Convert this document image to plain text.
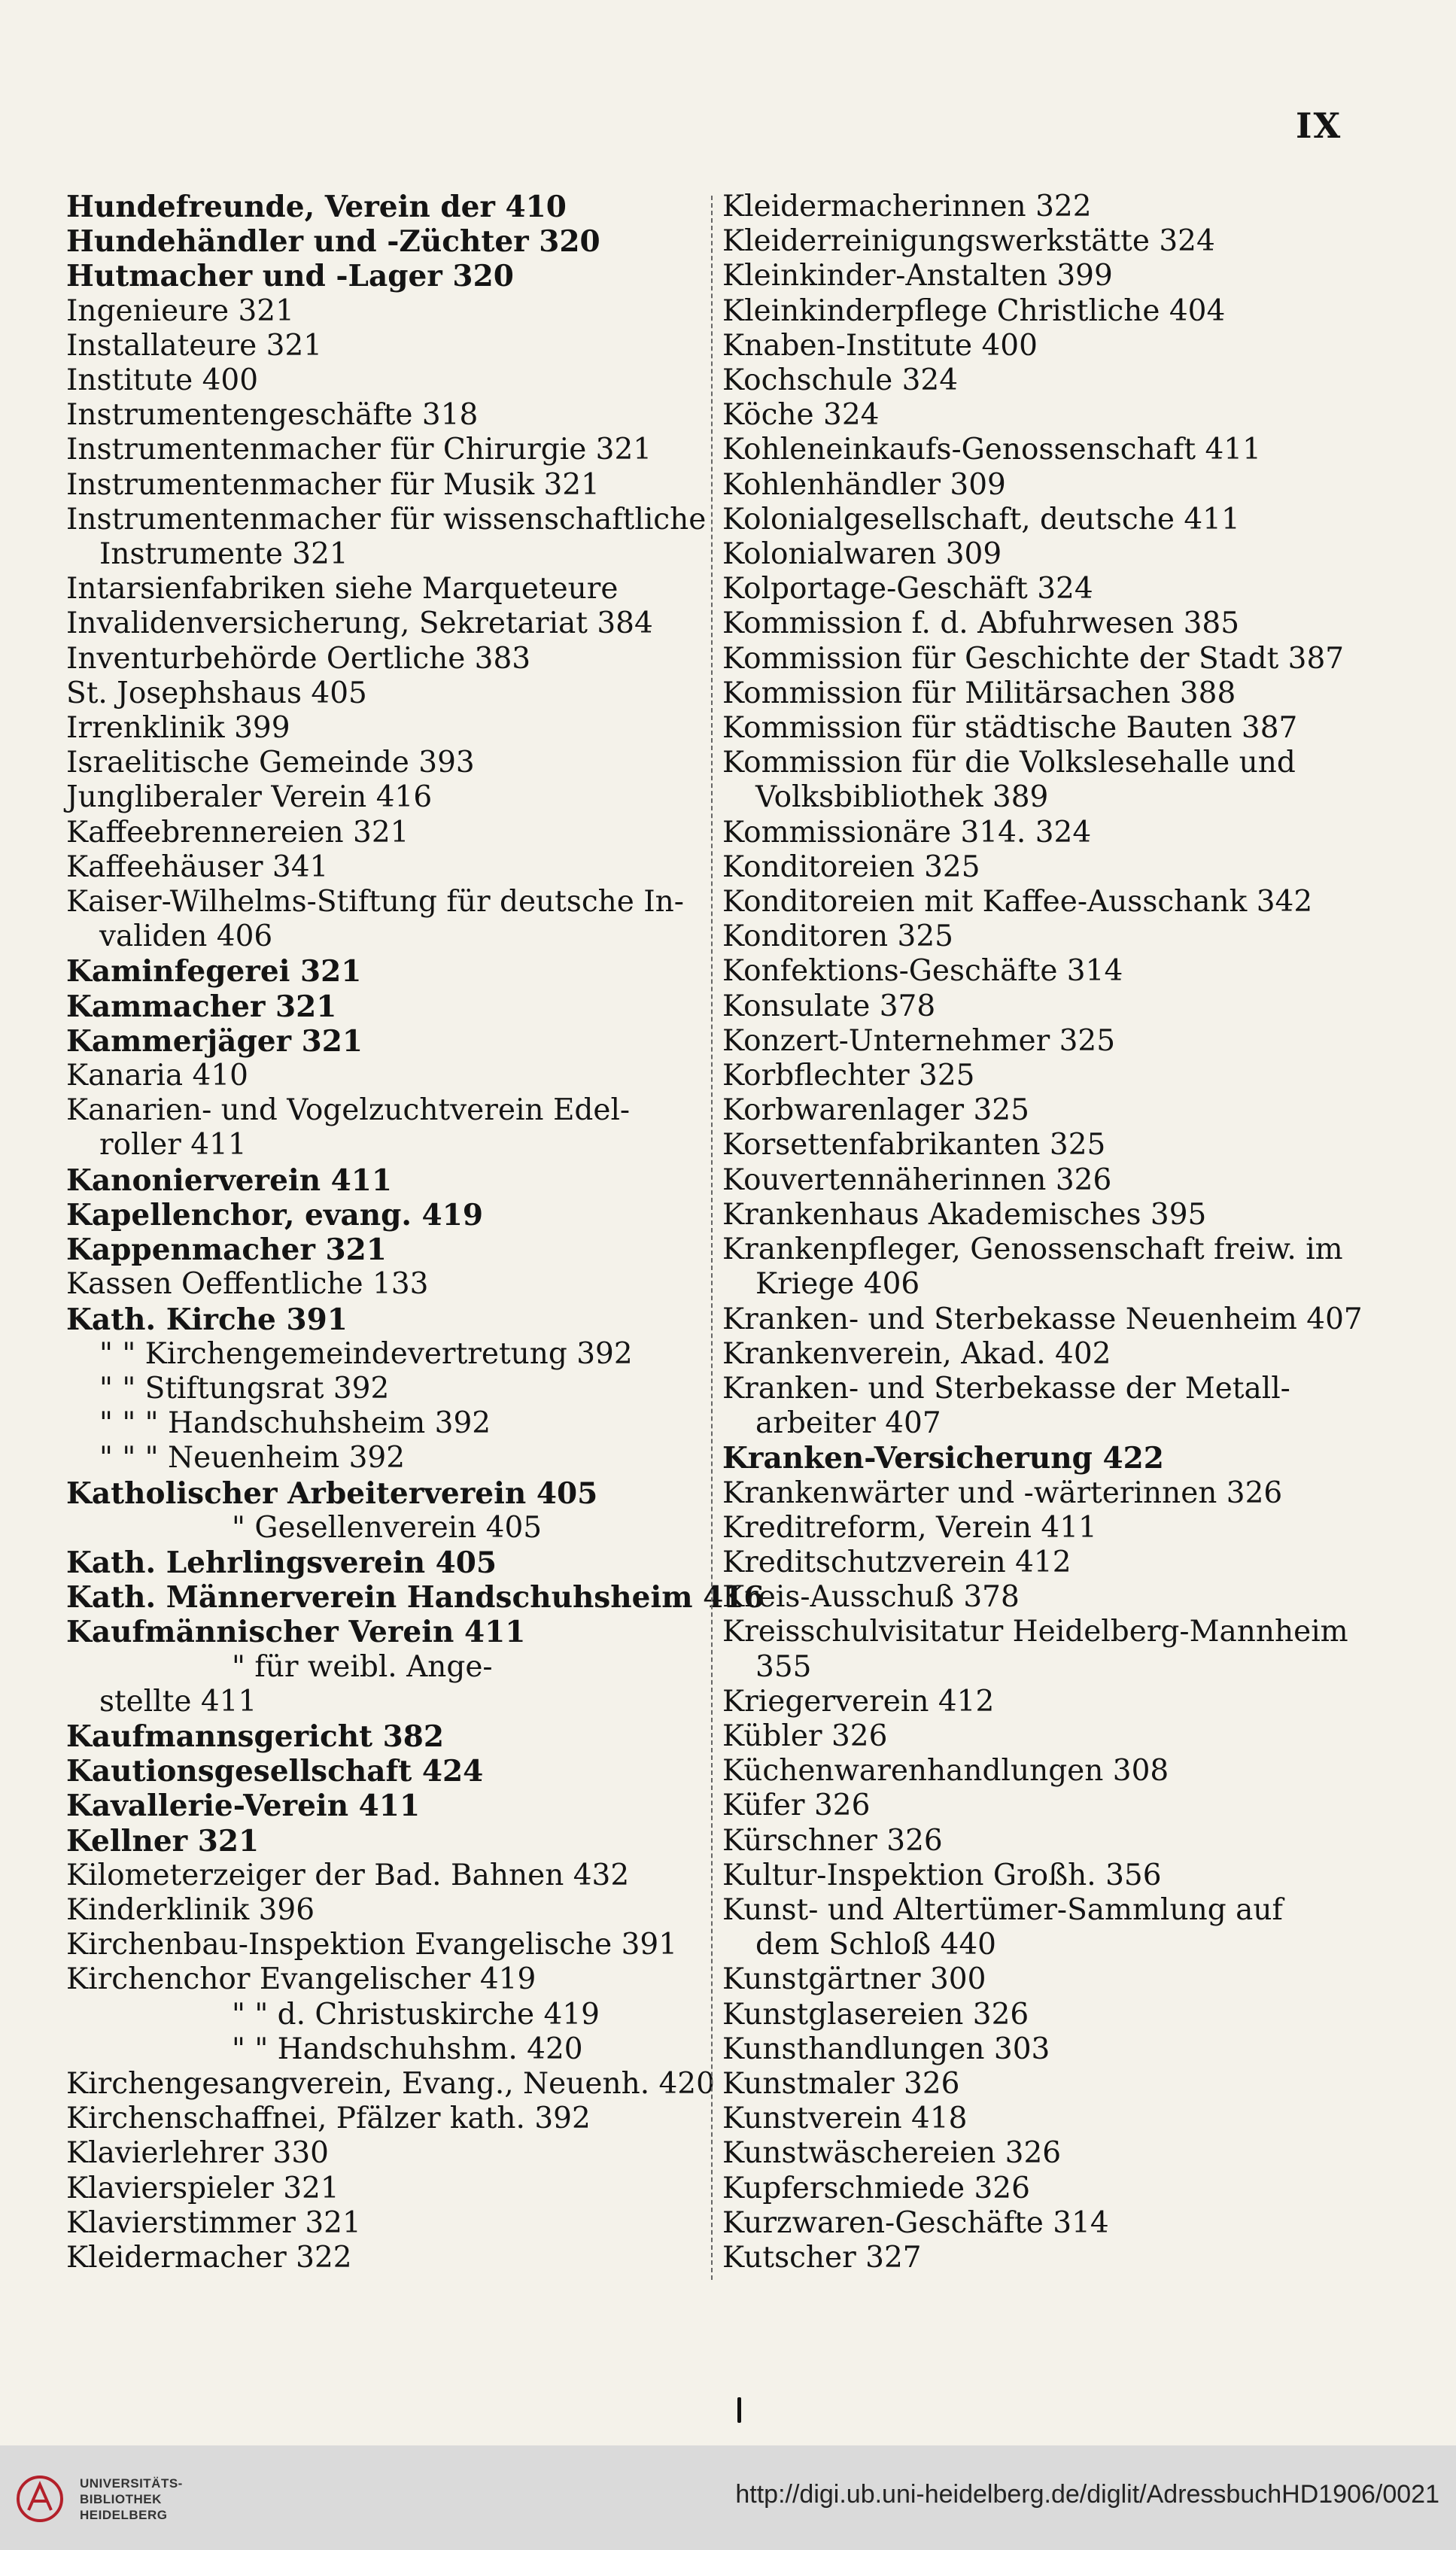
IX
Hundefreunde, Verein der 410
Hundehändler und -Züchter 320
Hutmacher und -Lager 320
Ingenieure 321
Installateure 321
Institute 400
Instrumentengeschäfte 318
Instrumentenmacher für Chirurgie 321
Instrumentenmacher für Musik 321
Instrumentenmacher für wissenschaftliche
Instrumente 321
Intarsienfabriken siehe Marqueteure
Invalidenversicherung, Sekretariat 384
Inventurbehörde Oertliche 383
St. Josephshaus 405
Irrenklinik 399
Israelitische Gemeinde 393
Jungliberaler Verein 416
Kaffeebrennereien 321
Kaffeehäuser 341
Kaiser-Wilhelms-Stiftung für deutsche In-
validen 406
Kaminfegerei 321
Kammacher 321
Kammerjäger 321
Kanaria 410
Kanarien- und Vogelzuchtverein Edel-
roller 411
Kanonierverein 411
Kapellenchor, evang. 419
Kappenmacher 321
Kassen Oeffentliche 133
Kath. Kirche 391
" " Kirchengemeindevertretung 392
" " Stiftungsrat 392
" " " Handschuhsheim 392
" " " Neuenheim 392
Katholischer Arbeiterverein 405
" Gesellenverein 405
Kath. Lehrlingsverein 405
Kath. Männerverein Handschuhsheim 416
Kaufmännischer Verein 411
" für weibl. Ange-
stellte 411
Kaufmannsgericht 382
Kautionsgesellschaft 424
Kavallerie-Verein 411
Kellner 321
Kilometerzeiger der Bad. Bahnen 432
Kinderklinik 396
Kirchenbau-Inspektion Evangelische 391
Kirchenchor Evangelischer 419
" " d. Christuskirche 419
" " Handschuhshm. 420
Kirchengesangverein, Evang., Neuenh. 420
Kirchenschaffnei, Pfälzer kath. 392
Klavierlehrer 330
Klavierspieler 321
Klavierstimmer 321
Kleidermacher 322
Kleidermacherinnen 322
Kleiderreinigungswerkstätte 324
Kleinkinder-Anstalten 399
Kleinkinderpflege Christliche 404
Knaben-Institute 400
Kochschule 324
Köche 324
Kohleneinkaufs-Genossenschaft 411
Kohlenhändler 309
Kolonialgesellschaft, deutsche 411
Kolonialwaren 309
Kolportage-Geschäft 324
Kommission f. d. Abfuhrwesen 385
Kommission für Geschichte der Stadt 387
Kommission für Militärsachen 388
Kommission für städtische Bauten 387
Kommission für die Volkslesehalle und
Volksbibliothek 389
Kommissionäre 314. 324
Konditoreien 325
Konditoreien mit Kaffee-Ausschank 342
Konditoren 325
Konfektions-Geschäfte 314
Konsulate 378
Konzert-Unternehmer 325
Korbflechter 325
Korbwarenlager 325
Korsettenfabrikanten 325
Kouvertennäherinnen 326
Krankenhaus Akademisches 395
Krankenpfleger, Genossenschaft freiw. im
Kriege 406
Kranken- und Sterbekasse Neuenheim 407
Krankenverein, Akad. 402
Kranken- und Sterbekasse der Metall-
arbeiter 407
Kranken-Versicherung 422
Krankenwärter und -wärterinnen 326
Kreditreform, Verein 411
Kreditschutzverein 412
Kreis-Ausschuß 378
Kreisschulvisitatur Heidelberg-Mannheim
355
Kriegerverein 412
Kübler 326
Küchenwarenhandlungen 308
Küfer 326
Kürschner 326
Kultur-Inspektion Großh. 356
Kunst- und Altertümer-Sammlung auf
dem Schloß 440
Kunstgärtner 300
Kunstglasereien 326
Kunsthandlungen 303
Kunstmaler 326
Kunstverein 418
Kunstwäschereien 326
Kupferschmiede 326
Kurzwaren-Geschäfte 314
Kutscher 327
UNIVERSITÄTS-
BIBLIOTHEK
HEIDELBERG
http://digi.ub.uni-heidelberg.de/diglit/AdressbuchHD1906/0021
